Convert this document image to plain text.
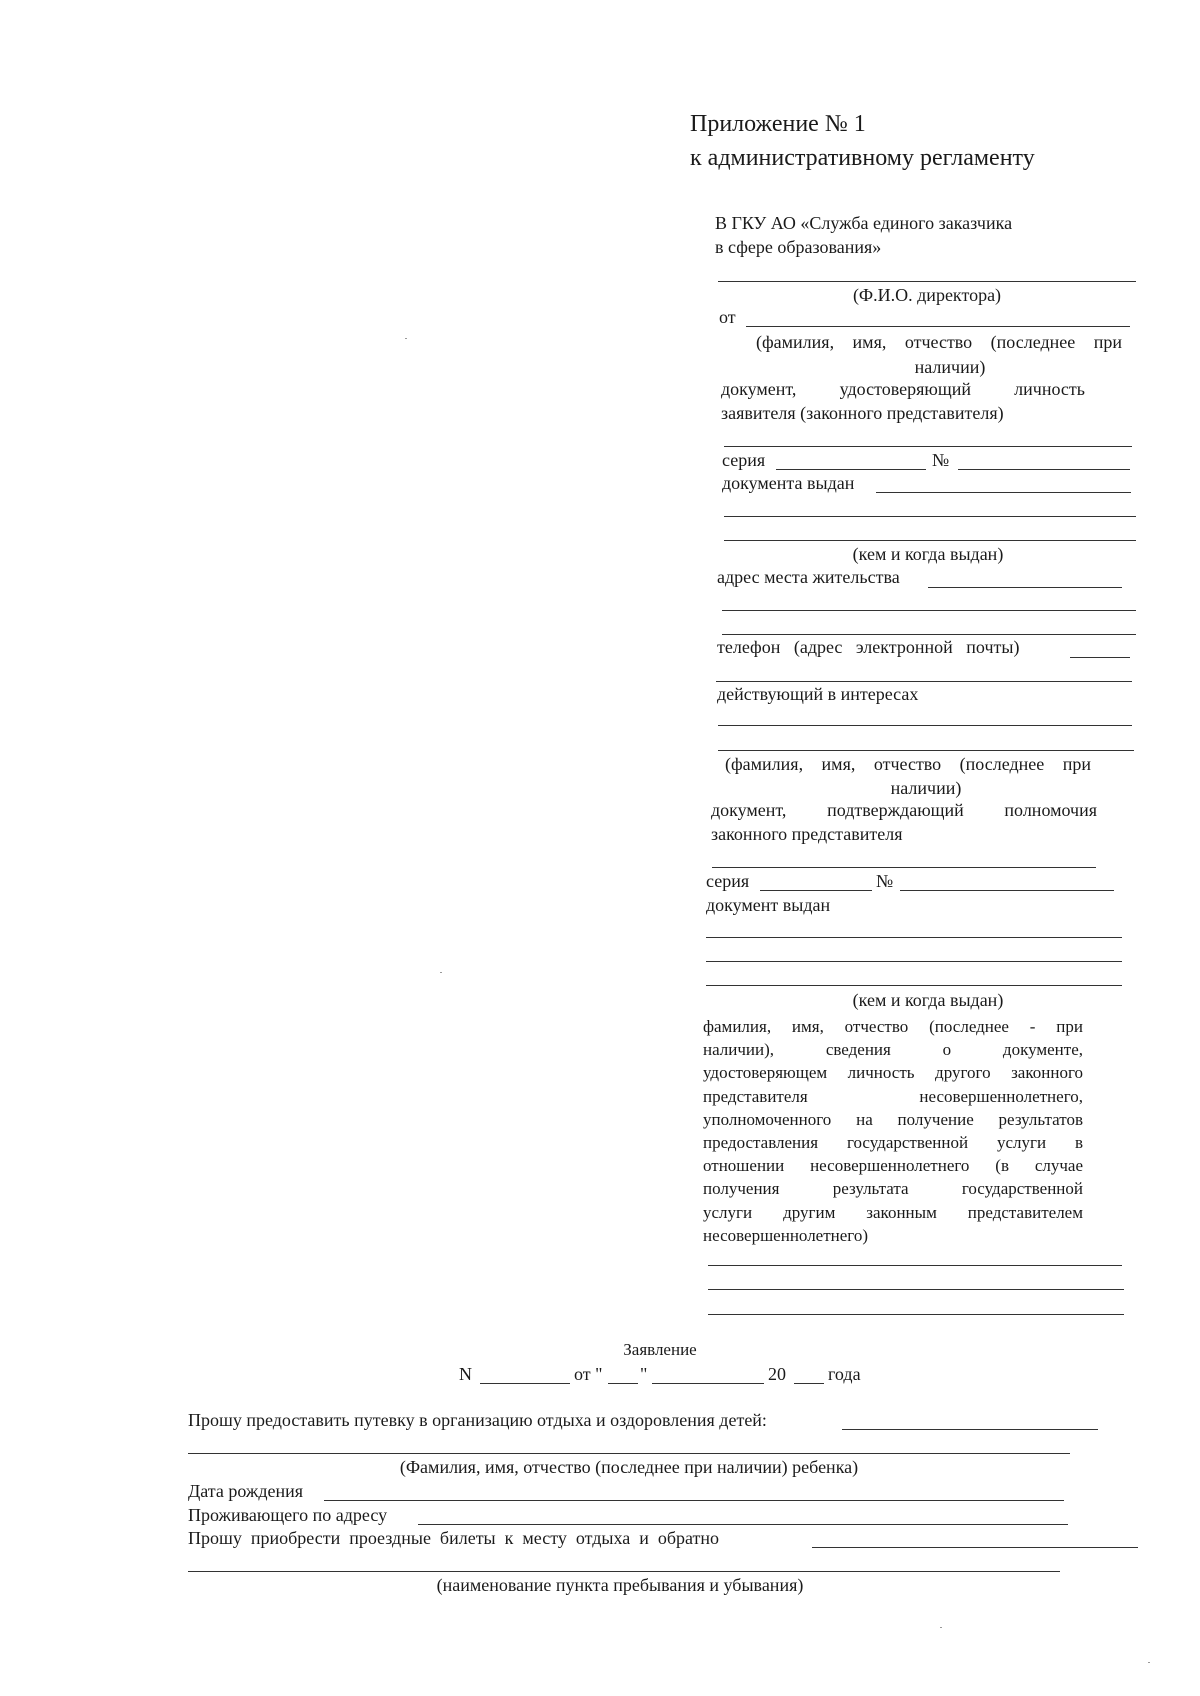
Приложение № 1
к административному регламенту
В ГКУ АО «Служба единого заказчика
в сфере образования»
(Ф.И.О. директора)
от
(фамилия, имя, отчество (последнее при
наличии)
документ, удостоверяющий личность
заявителя (законного представителя)
серия	№
документа выдан
(кем и когда выдан)
адрес места жительства
телефон   (адрес   электронной   почты)
действующий в интересах
(фамилия, имя, отчество (последнее при
наличии)
документ, подтверждающий полномочия
законного представителя
серия	№
документ выдан
(кем и когда выдан)
фамилия, имя, отчество (последнее - при
наличии), сведения о документе,
удостоверяющем личность другого законного
представителя несовершеннолетнего,
уполномоченного на получение результатов
предоставления государственной услуги в
отношении несовершеннолетнего (в случае
получения результата государственной
услуги другим законным представителем
несовершеннолетнего)
Заявление
N	от " "	20 года
Прошу предоставить путевку в организацию отдыха и оздоровления детей:
(Фамилия, имя, отчество (последнее при наличии) ребенка)
Дата рождения
Проживающего по адресу
Прошу  приобрести  проездные  билеты  к  месту  отдыха  и  обратно
(наименование пункта пребывания и убывания)
